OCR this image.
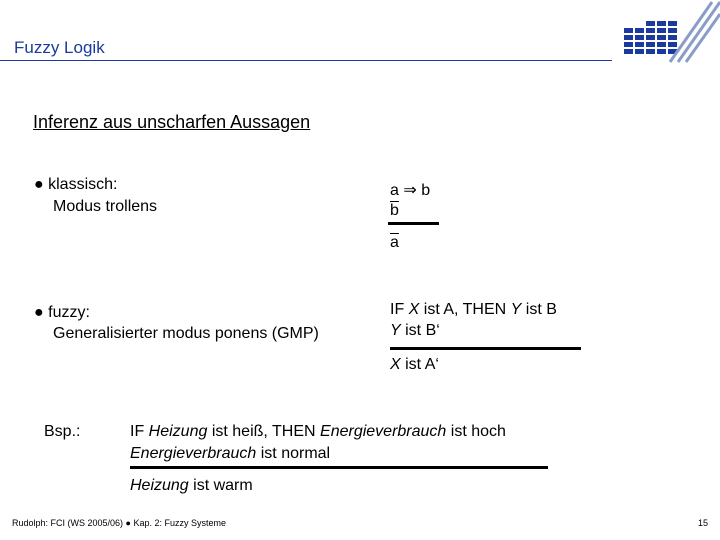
Fuzzy Logik
Inferenz aus unscharfen Aussagen
● klassisch:
Modus trollens
a ⇒ b
$\overline{b}$
$\overline{a}$
● fuzzy:
Generalisierter modus ponens (GMP)
IF X ist A, THEN Y ist B
Y ist B‘
X ist A‘
Bsp.:	IF Heizung ist heiß, THEN Energieverbrauch ist hoch
Energieverbrauch ist normal
Heizung ist warm
Rudolph: FCI (WS 2005/06) ● Kap. 2: Fuzzy Systeme	15
